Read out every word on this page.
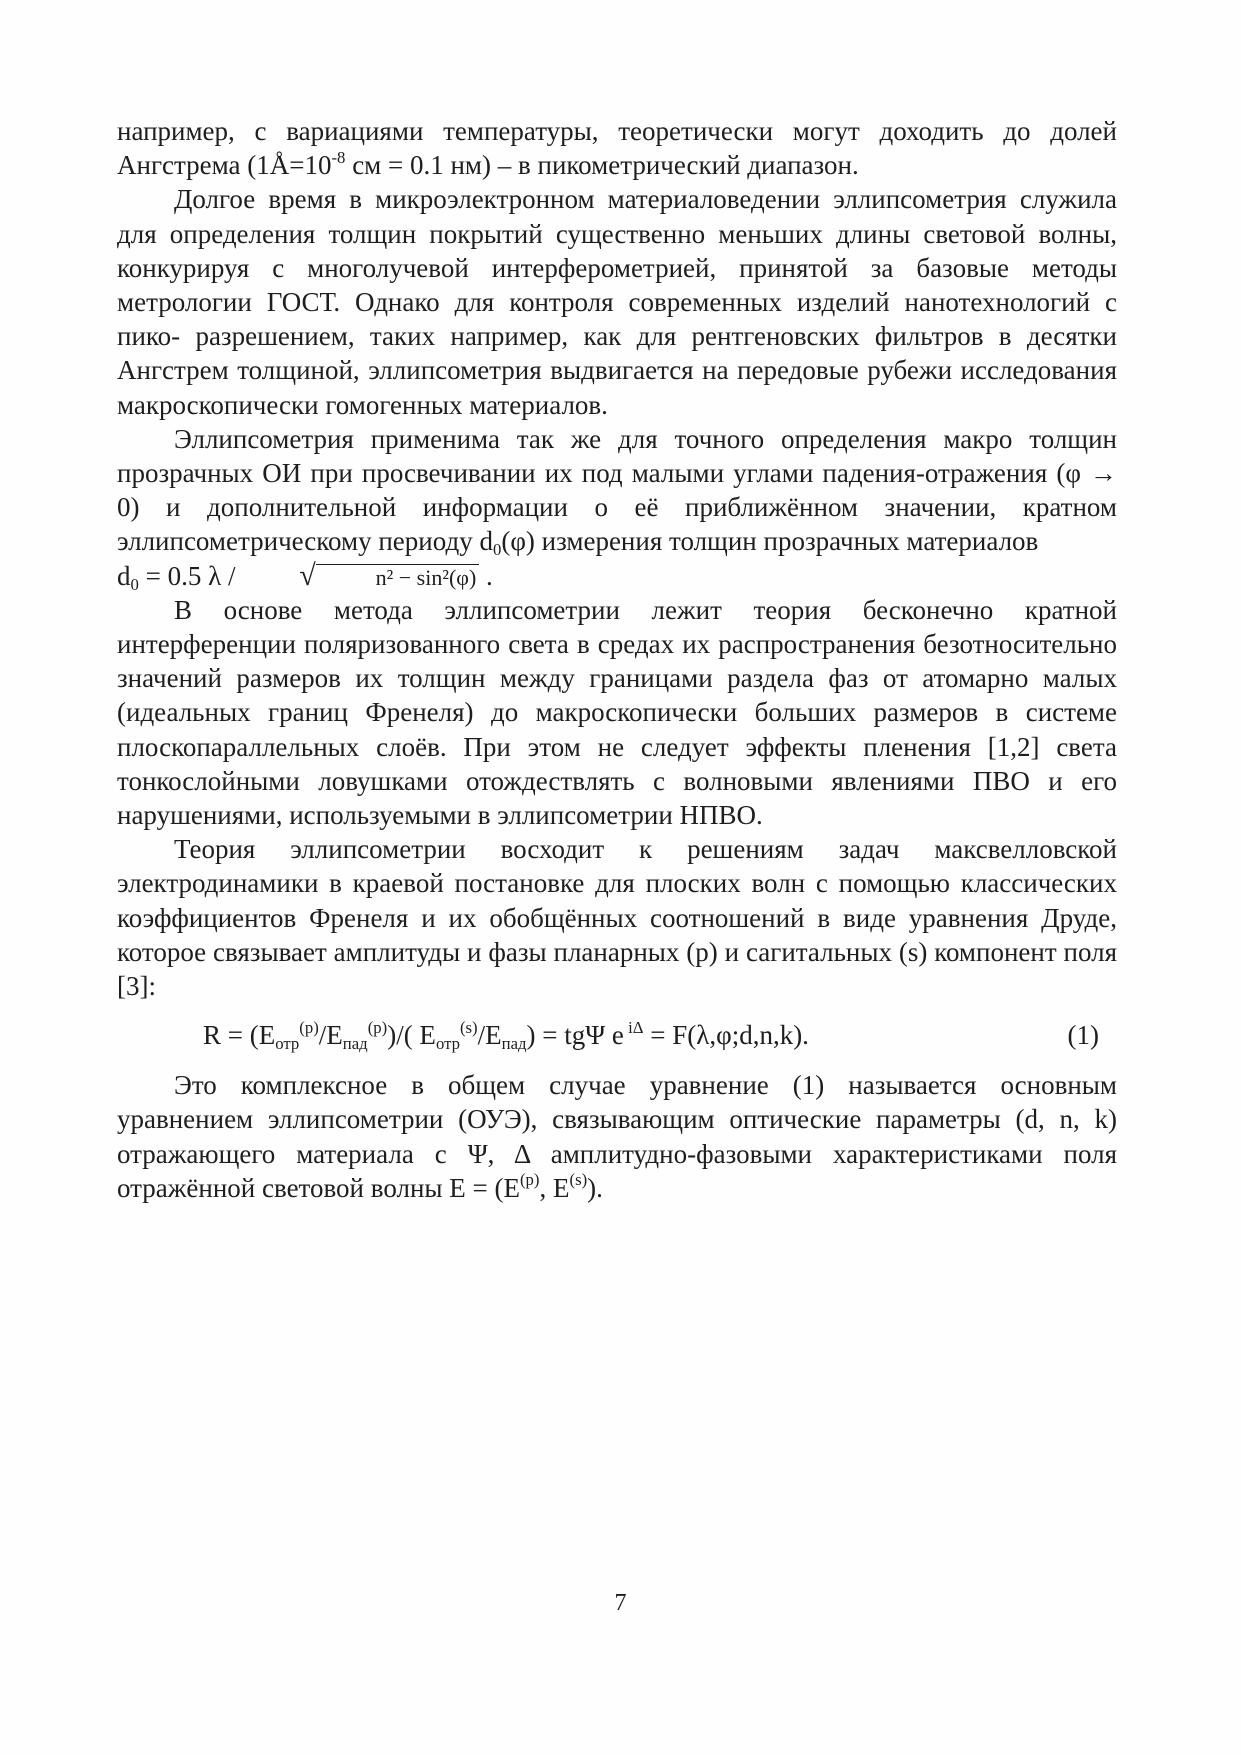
например, с вариациями температуры, теоретически могут доходить до долей Ангстрема ($1Å=10^{-8}$ см = 0.1 нм) – в пикометрический диапазон.

Долгое время в микроэлектронном материаловедении эллипсометрия служила для определения толщин покрытий существенно меньших длины световой волны, конкурируя с многолучевой интерферометрией, принятой за базовые методы метрологии ГОСТ. Однако для контроля современных изделий нанотехнологий с пико- разрешением, таких например, как для рентгеновских фильтров в десятки Ангстрем толщиной, эллипсометрия выдвигается на передовые рубежи исследования макроскопически гомогенных материалов.

Эллипсометрия применима так же для точного определения макро толщин прозрачных ОИ при просвечивании их под малыми углами падения-отражения (φ → 0) и дополнительной информации о её приближённом значении, кратном эллипсометрическому периоду $d_0(\varphi)$ измерения толщин прозрачных материалов
$d_0 = 0.5$ λ / √	n² − sin²(φ) .

В основе метода эллипсометрии лежит теория бесконечно кратной интерференции поляризованного света в средах их распространения безотносительно значений размеров их толщин между границами раздела фаз от атомарно малых (идеальных границ Френеля) до макроскопически больших размеров в системе плоскопараллельных слоёв. При этом не следует эффекты пленения [1,2] света тонкослойными ловушками отождествлять с волновыми явлениями ПВО и его нарушениями, используемыми в эллипсометрии НПВО.

Теория эллипсометрии восходит к решениям задач максвелловской электродинамики в краевой постановке для плоских волн с помощью классических коэффициентов Френеля и их обобщённых соотношений в виде уравнения Друде, которое связывает амплитуды и фазы планарных (p) и сагитальных (s) компонент поля [3]:

$R = (E_{отр}^{(p)}/E_{пад}^{(p)})/$( $E_{отр}^{(s)}/E_{пад}) = tg\Psi$ e $^{i\Delta}$ = F(λ,φ;d,n,k).	(1)

Это комплексное в общем случае уравнение (1) называется основным уравнением эллипсометрии (ОУЭ), связывающим оптические параметры (d, n, k) отражающего материала с Ψ, Δ амплитудно-фазовыми характеристиками поля отражённой световой волны $E = (E^{(p)}$, $E^{(s)}$).

7
